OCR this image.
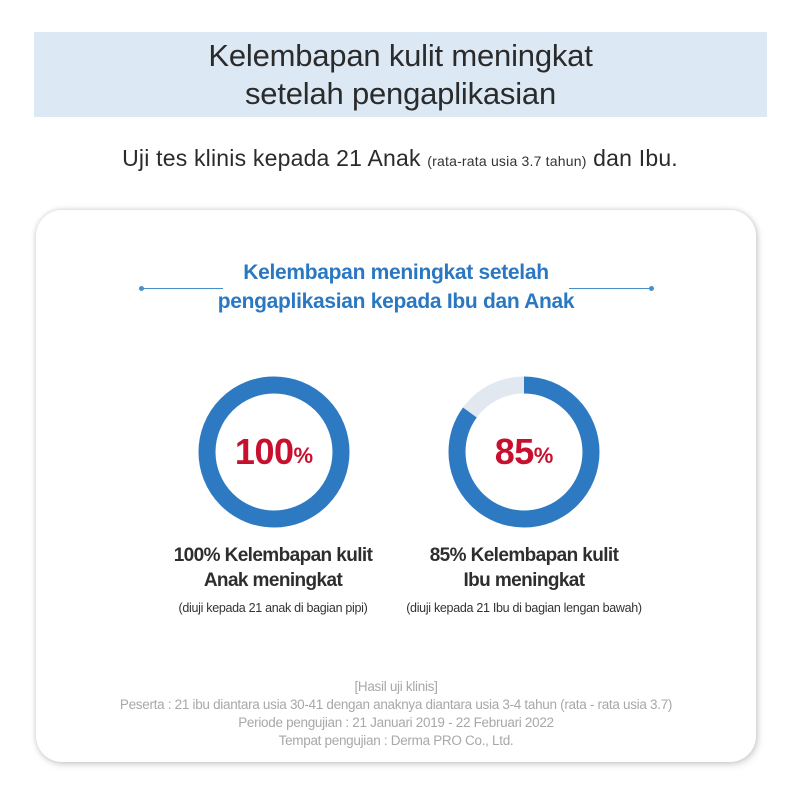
Kelembapan kulit meningkat
setelah pengaplikasian
Uji tes klinis kepada 21 Anak (rata-rata usia 3.7 tahun) dan Ibu.
Kelembapan meningkat setelah
pengaplikasian kepada Ibu dan Anak
100 %	85 %
100% Kelembapan kulit
Anak meningkat
(diuji kepada 21 anak di bagian pipi)
85% Kelembapan kulit
Ibu meningkat
(diuji kepada 21 Ibu di bagian lengan bawah)
[Hasil uji klinis]
Peserta : 21 ibu diantara usia 30-41 dengan anaknya diantara usia 3-4 tahun (rata - rata usia 3.7)
Periode pengujian : 21 Januari 2019 - 22 Februari 2022
Tempat pengujian : Derma PRO Co., Ltd.
